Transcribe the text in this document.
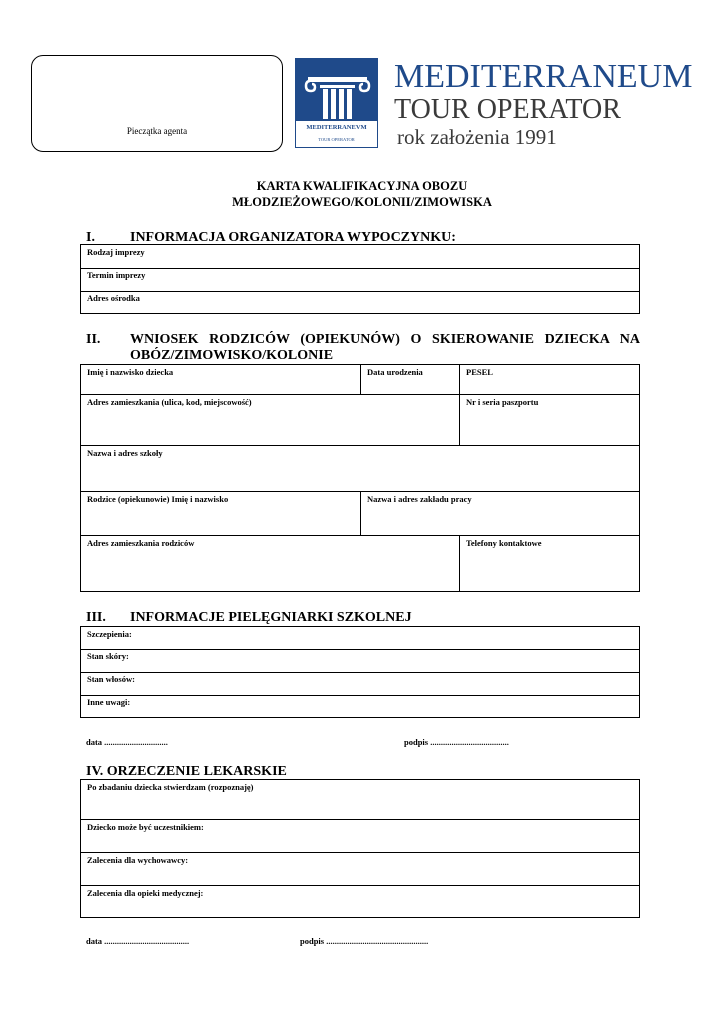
Pieczątka agenta	MEDITERRANEVM
TOUR OPERATOR
MEDITERRANEUM
TOUR OPERATOR
rok założenia 1991
KARTA KWALIFIKACYJNA OBOZU
MŁODZIEŻOWEGO/KOLONII/ZIMOWISKA
I.	INFORMACJA ORGANIZATORA WYPOCZYNKU:
Rodzaj imprezy
Termin imprezy
Adres ośrodka
II. WNIOSEK RODZICÓW (OPIEKUNÓW) O SKIEROWANIE DZIECKA NA
OBÓZ/ZIMOWISKO/KOLONIE
Imię i nazwisko dziecka	Data urodzenia	PESEL
Adres zamieszkania (ulica, kod, miejscowość)	Nr i seria paszportu
Nazwa i adres szkoły
Rodzice (opiekunowie) Imię i nazwisko	Nazwa i adres zakładu pracy
Adres zamieszkania rodziców	Telefony kontaktowe
III. INFORMACJE PIELĘGNIARKI SZKOLNEJ
Szczepienia:
Stan skóry:
Stan włosów:
Inne uwagi:
data ..............................	podpis .....................................
IV. ORZECZENIE LEKARSKIE
Po zbadaniu dziecka stwierdzam (rozpoznaję)
Dziecko może być uczestnikiem:
Zalecenia dla wychowawcy:
Zalecenia dla opieki medycznej:
data ........................................	podpis ................................................
